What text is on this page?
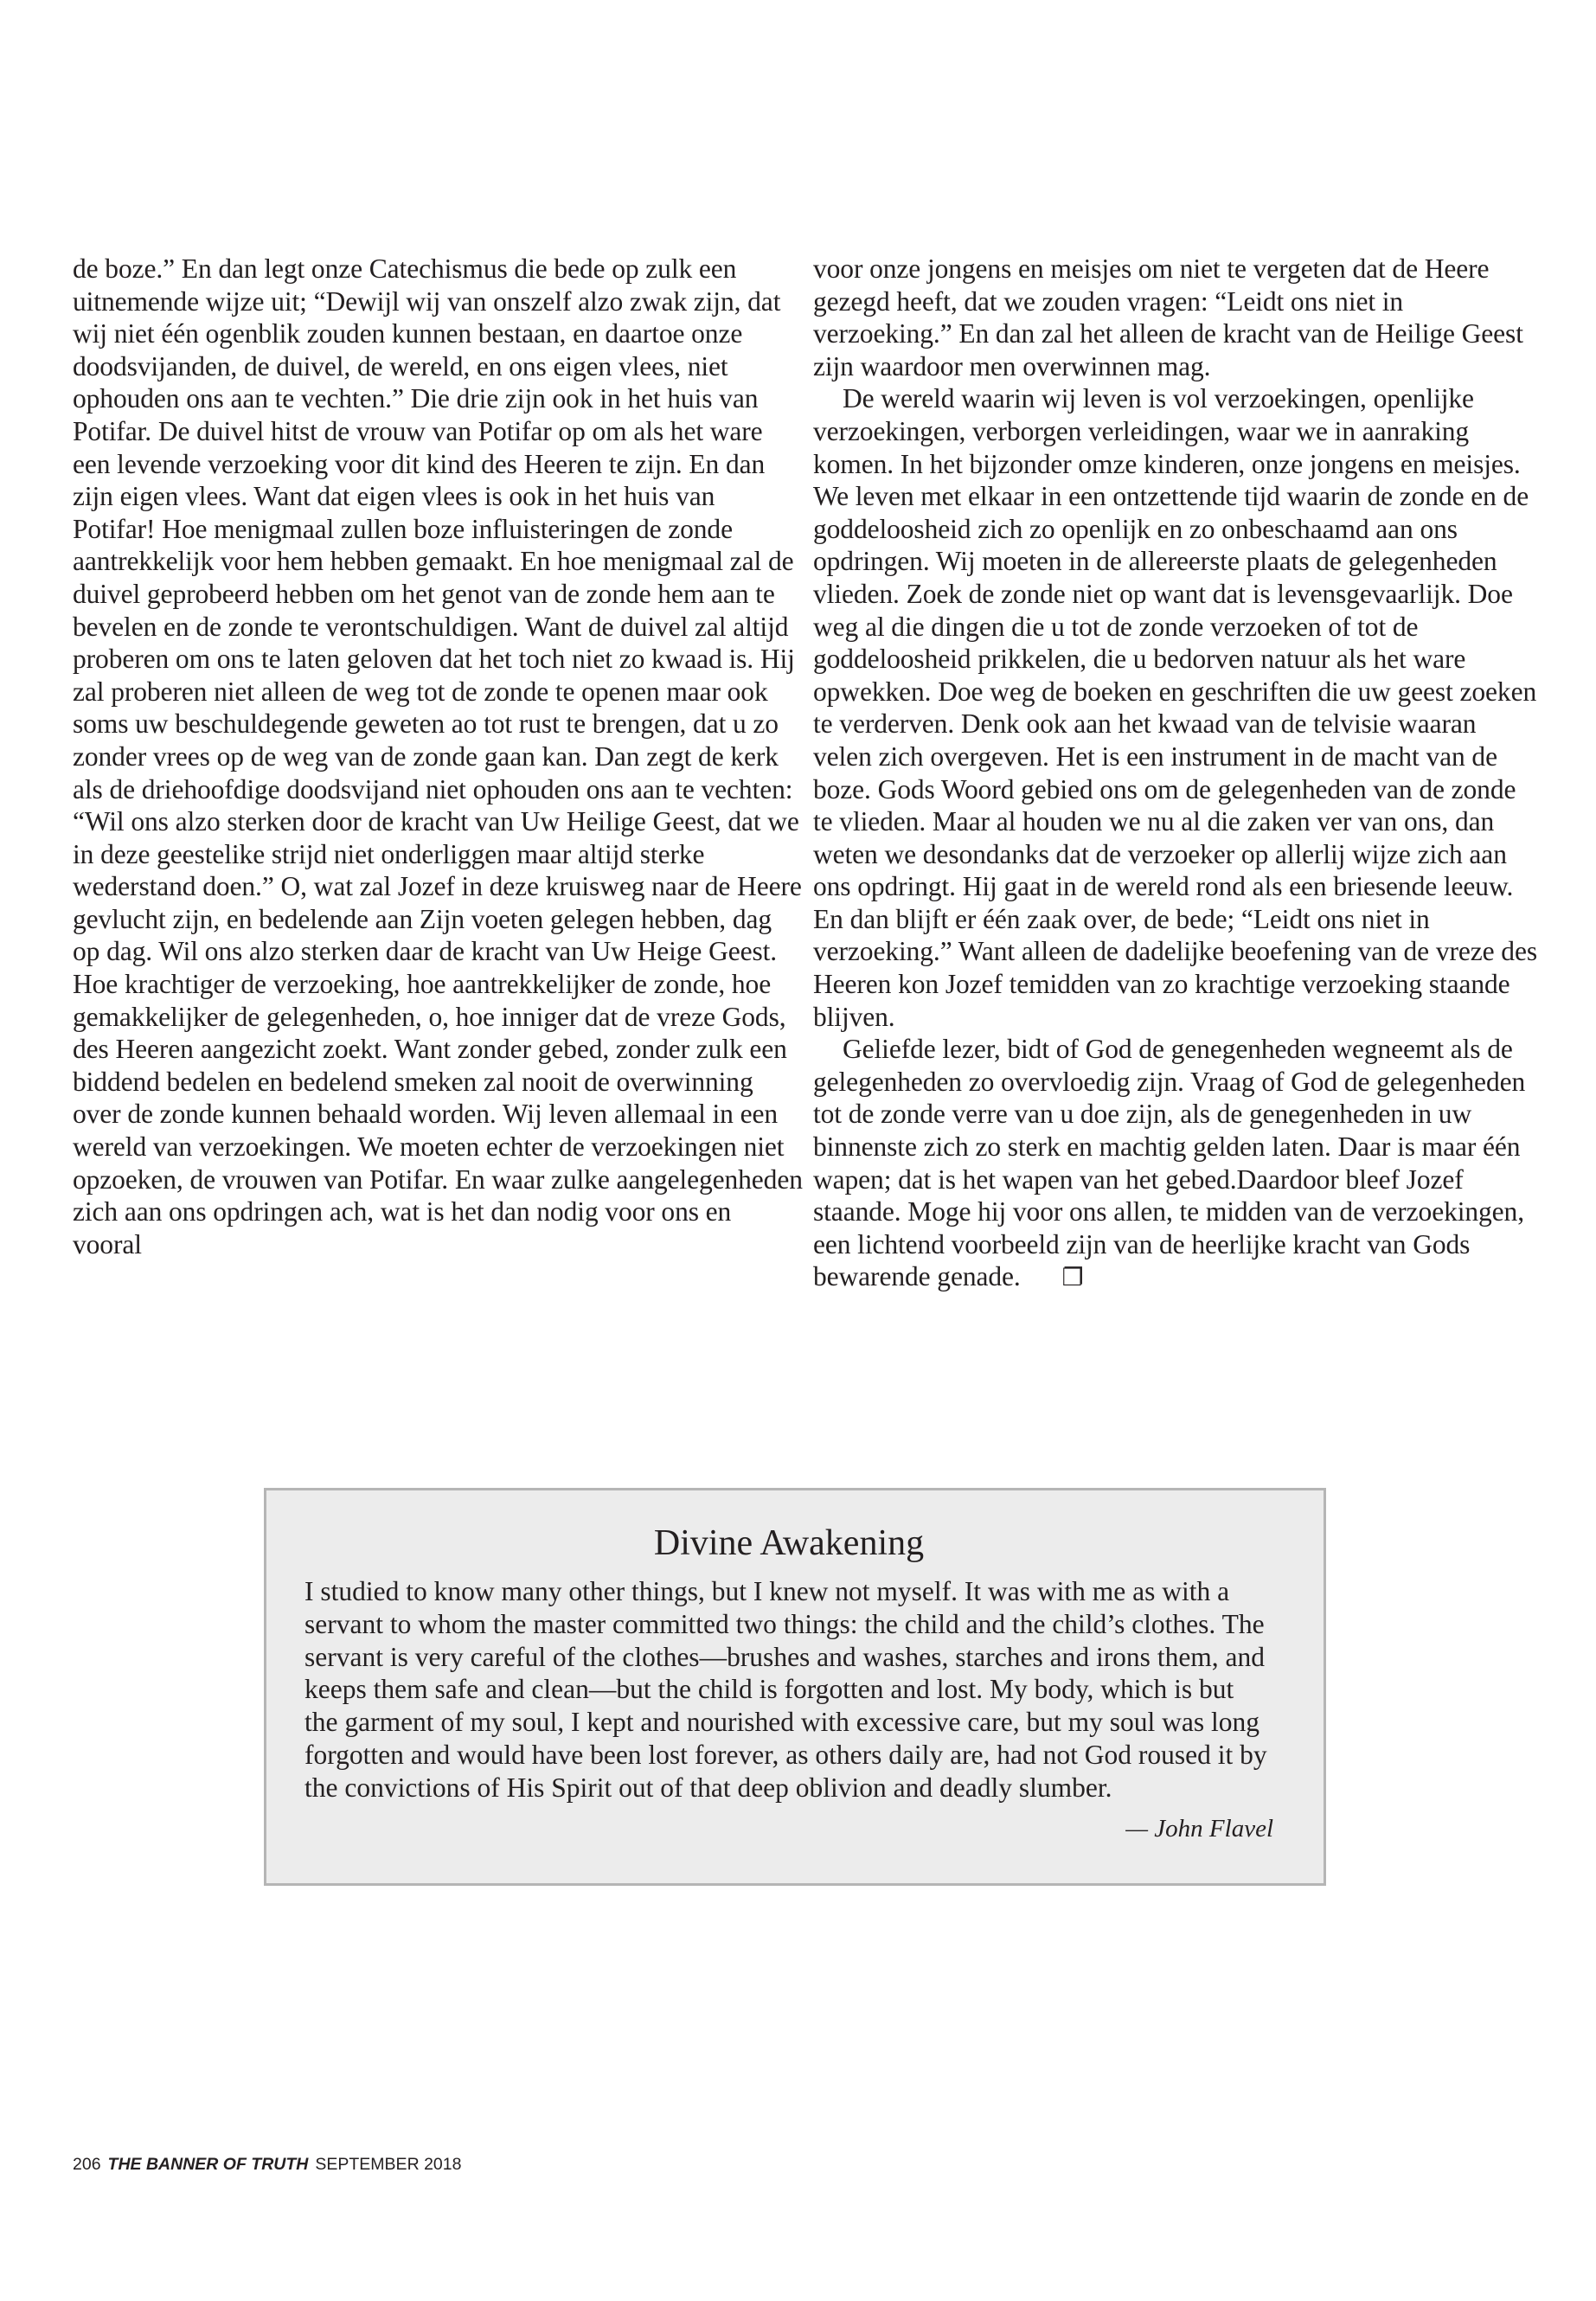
de boze.” En dan legt onze Catechismus die bede op zulk een uitnemende wijze uit; “Dewijl wij van onszelf alzo zwak zijn, dat wij niet één ogenblik zouden kunnen bestaan, en daartoe onze doodsvijanden, de duivel, de wereld, en ons eigen vlees, niet ophouden ons aan te vechten.” Die drie zijn ook in het huis van Potifar. De duivel hitst de vrouw van Potifar op om als het ware een levende verzoeking voor dit kind des Heeren te zijn. En dan zijn eigen vlees. Want dat eigen vlees is ook in het huis van Potifar! Hoe menigmaal zullen boze influisteringen de zonde aantrekkelijk voor hem hebben gemaakt. En hoe menigmaal zal de duivel geprobeerd hebben om het genot van de zonde hem aan te bevelen en de zonde te verontschuldigen. Want de duivel zal altijd proberen om ons te laten geloven dat het toch niet zo kwaad is. Hij zal proberen niet alleen de weg tot de zonde te openen maar ook soms uw beschuldegende geweten ao tot rust te brengen, dat u zo zonder vrees op de weg van de zonde gaan kan. Dan zegt de kerk als de driehoofdige doodsvijand niet ophouden ons aan te vechten: “Wil ons alzo sterken door de kracht van Uw Heilige Geest, dat we in deze geestelike strijd niet onderliggen maar altijd sterke wederstand doen.” O, wat zal Jozef in deze kruisweg naar de Heere gevlucht zijn, en bedelende aan Zijn voeten gelegen hebben, dag op dag. Wil ons alzo sterken daar de kracht van Uw Heige Geest. Hoe krachtiger de verzoeking, hoe aantrekkelijker de zonde, hoe gemakkelijker de gelegenheden, o, hoe inniger dat de vreze Gods, des Heeren aangezicht zoekt. Want zonder gebed, zonder zulk een biddend bedelen en bedelend smeken zal nooit de overwinning over de zonde kunnen behaald worden. Wij leven allemaal in een wereld van verzoekingen. We moeten echter de verzoekingen niet opzoeken, de vrouwen van Potifar. En waar zulke aangelegenheden zich aan ons opdringen ach, wat is het dan nodig voor ons en vooral

voor onze jongens en meisjes om niet te vergeten dat de Heere gezegd heeft, dat we zouden vragen: “Leidt ons niet in verzoeking.” En dan zal het alleen de kracht van de Heilige Geest zijn waardoor men overwinnen mag.

De wereld waarin wij leven is vol verzoekingen, openlijke verzoekingen, verborgen verleidingen, waar we in aanraking komen. In het bijzonder omze kinderen, onze jongens en meisjes. We leven met elkaar in een ontzettende tijd waarin de zonde en de goddeloosheid zich zo openlijk en zo onbeschaamd aan ons opdringen. Wij moeten in de allereerste plaats de gelegenheden vlieden. Zoek de zonde niet op want dat is levensgevaarlijk. Doe weg al die dingen die u tot de zonde verzoeken of tot de goddeloosheid prikkelen, die u bedorven natuur als het ware opwekken. Doe weg de boeken en geschriften die uw geest zoeken te verderven. Denk ook aan het kwaad van de telvisie waaran velen zich overgeven. Het is een instrument in de macht van de boze. Gods Woord gebied ons om de gelegenheden van de zonde te vlieden. Maar al houden we nu al die zaken ver van ons, dan weten we desondanks dat de verzoeker op allerlij wijze zich aan ons opdringt. Hij gaat in de wereld rond als een briesende leeuw. En dan blijft er één zaak over, de bede; “Leidt ons niet in verzoeking.” Want alleen de dadelijke beoefening van de vreze des Heeren kon Jozef temidden van zo krachtige verzoeking staande blijven.

Geliefde lezer, bidt of God de genegenheden wegneemt als de gelegenheden zo overvloedig zijn. Vraag of God de gelegenheden tot de zonde verre van u doe zijn, als de genegenheden in uw binnenste zich zo sterk en machtig gelden laten. Daar is maar één wapen; dat is het wapen van het gebed.Daardoor bleef Jozef staande. Moge hij voor ons allen, te midden van de verzoekingen, een lichtend voorbeeld zijn van de heerlijke kracht van Gods bewarende genade. ❐

Divine Awakening

I studied to know many other things, but I knew not myself. It was with me as with a servant to whom the master committed two things: the child and the child’s clothes. The servant is very careful of the clothes—brushes and washes, starches and irons them, and keeps them safe and clean—but the child is forgotten and lost. My body, which is but the garment of my soul, I kept and nourished with excessive care, but my soul was long forgotten and would have been lost forever, as others daily are, had not God roused it by the convictions of His Spirit out of that deep oblivion and deadly slumber.

— John Flavel

206 THE BANNER OF TRUTH SEPTEMBER 2018
